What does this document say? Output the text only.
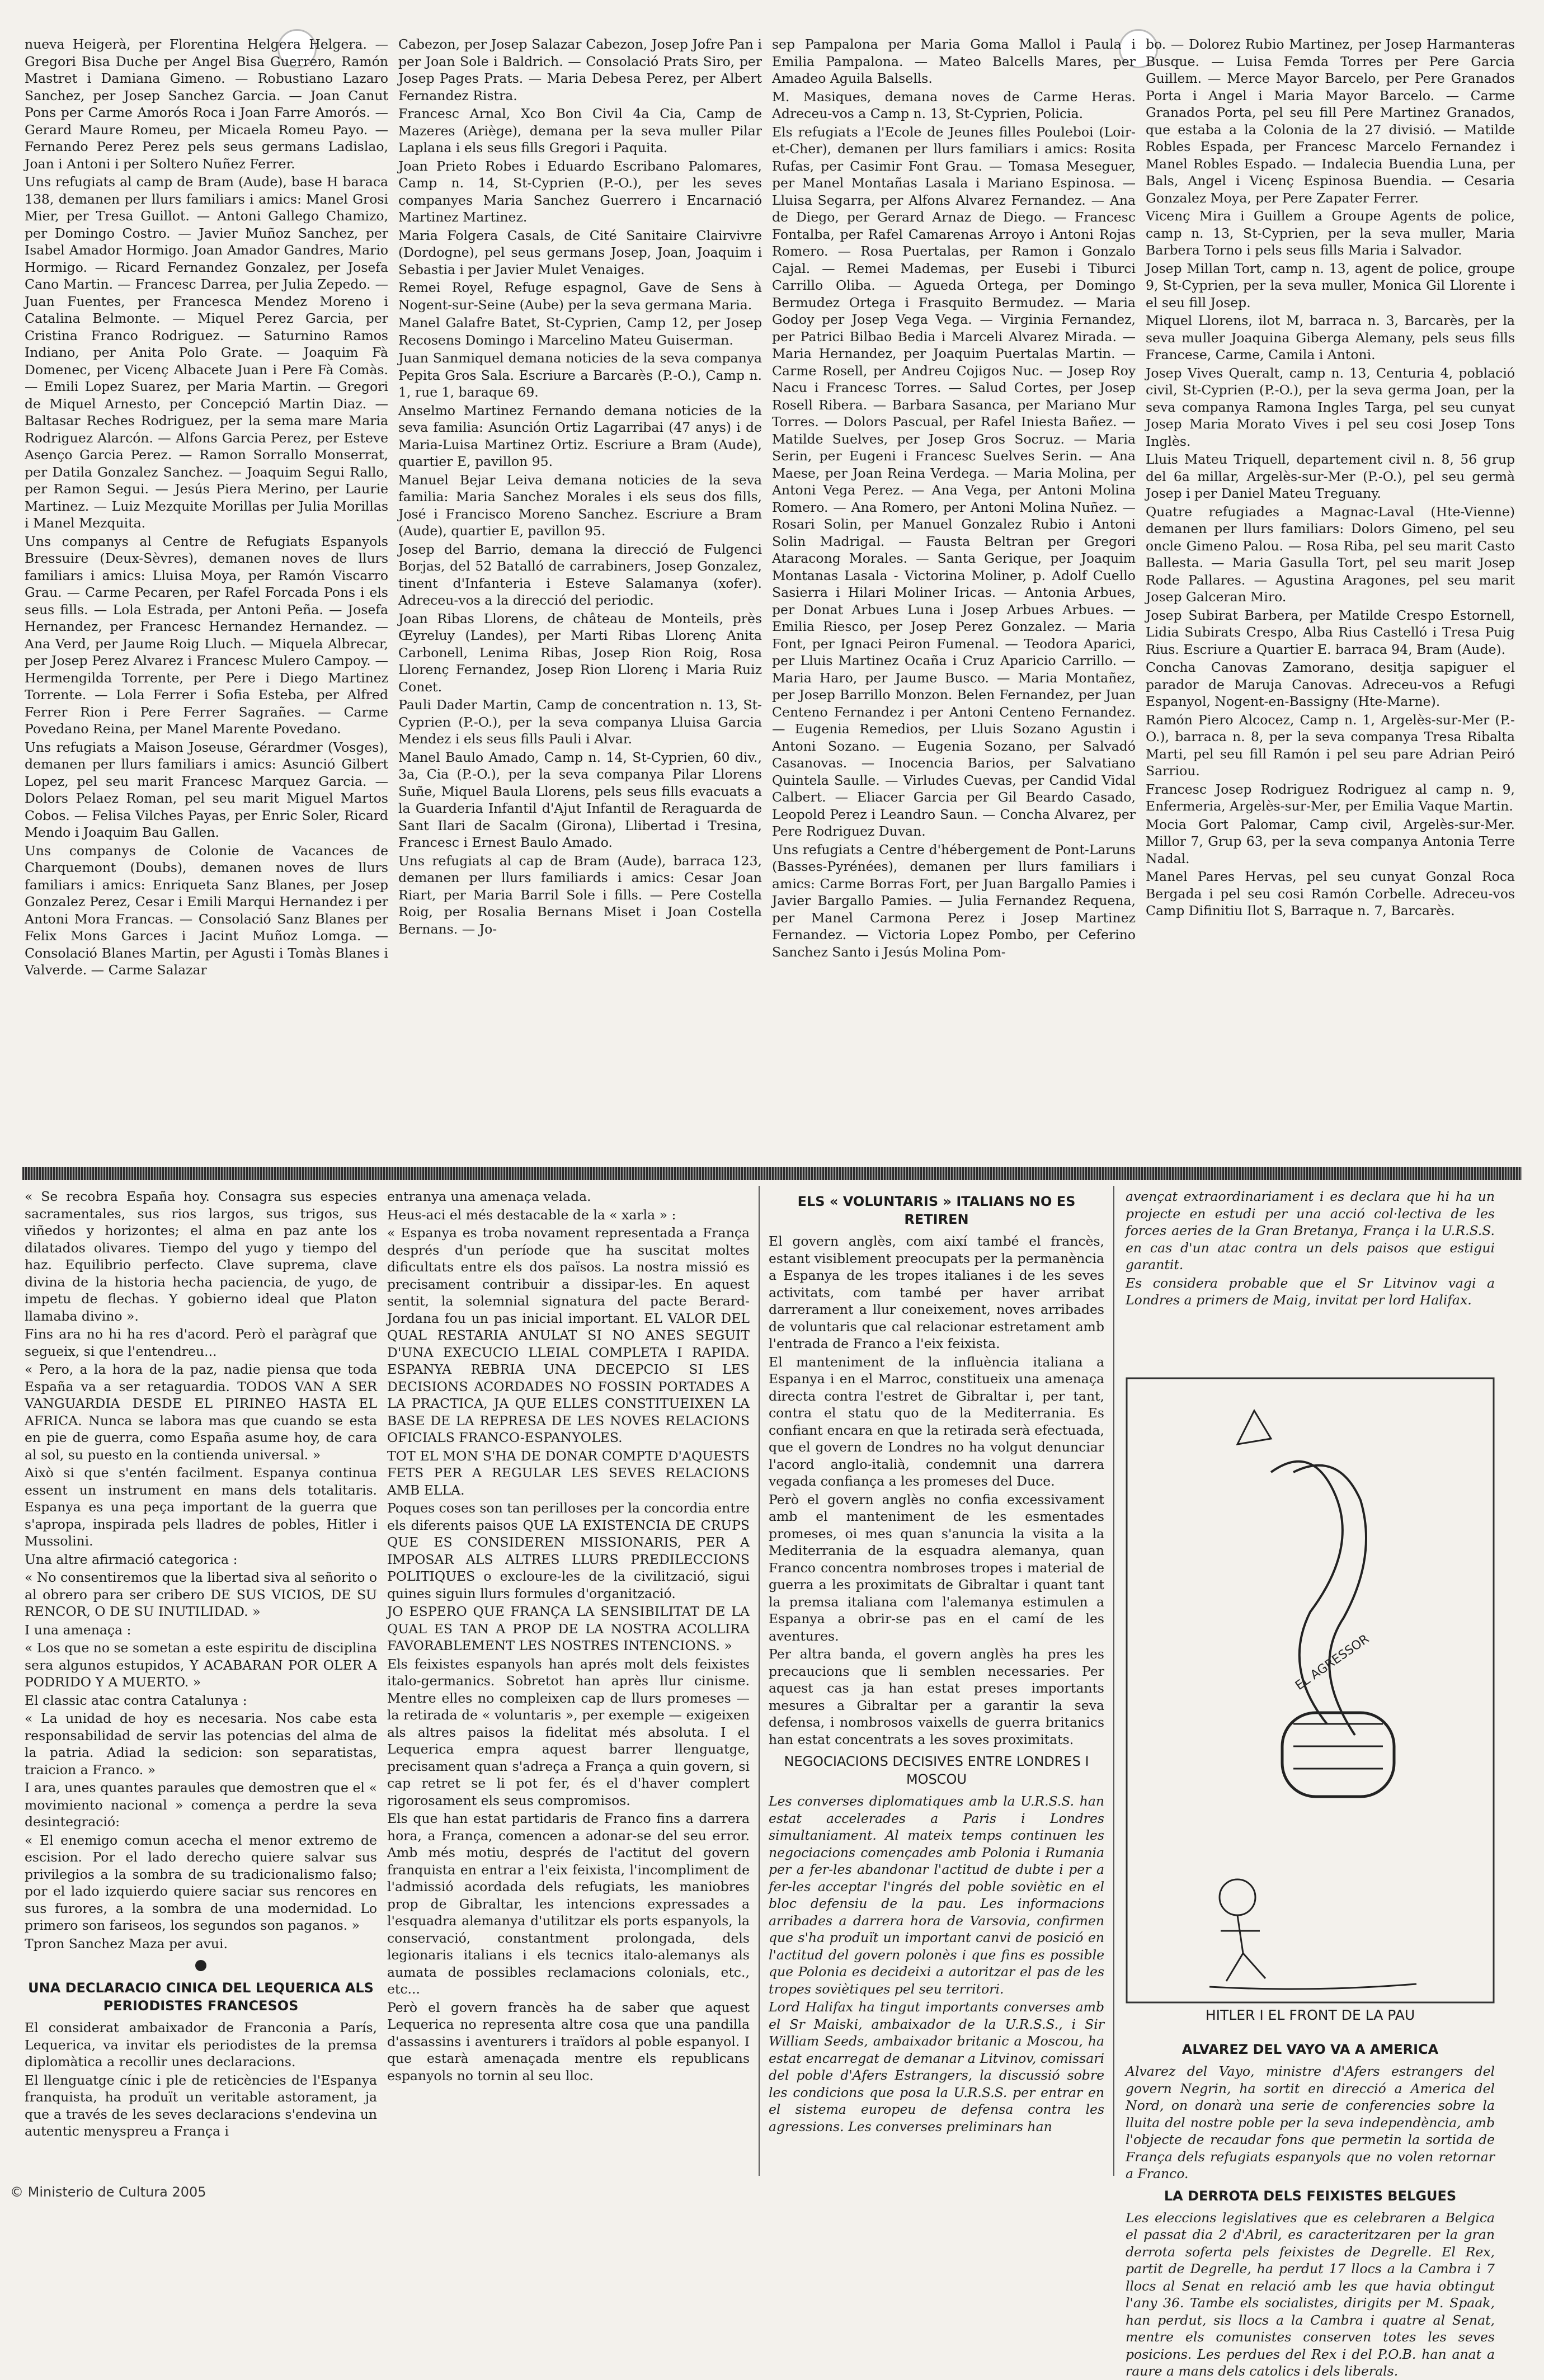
nueva Heigerà, per Florentina Helgera Helgera. — Gregori Bisa Duche per Angel Bisa Guerrero, Ramón Mastret i Damiana Gimeno. — Robustiano Lazaro Sanchez, per Josep Sanchez Garcia. — Joan Canut Pons per Carme Amorós Roca i Joan Farre Amorós. — Gerard Maure Romeu, per Micaela Romeu Payo. — Fernando Perez Perez pels seus germans Ladislao, Joan i Antoni i per Soltero Nuñez Ferrer.

Uns refugiats al camp de Bram (Aude), base H baraca 138, demanen per llurs familiars i amics: Manel Grosi Mier, per Tresa Guillot. — Antoni Gallego Chamizo, per Domingo Costro. — Javier Muñoz Sanchez, per Isabel Amador Hormigo. Joan Amador Gandres, Mario Hormigo. — Ricard Fernandez Gonzalez, per Josefa Cano Martin. — Francesc Darrea, per Julia Zepedo. — Juan Fuentes, per Francesca Mendez Moreno i Catalina Belmonte. — Miquel Perez Garcia, per Cristina Franco Rodriguez. — Saturnino Ramos Indiano, per Anita Polo Grate. — Joaquim Fà Domenec, per Vicenç Albacete Juan i Pere Fà Comàs. — Emili Lopez Suarez, per Maria Martin. — Gregori de Miquel Arnesto, per Concepció Martin Diaz. — Baltasar Reches Rodriguez, per la sema mare Maria Rodriguez Alarcón. — Alfons Garcia Perez, per Esteve Asenço Garcia Perez. — Ramon Sorrallo Monserrat, per Datila Gonzalez Sanchez. — Joaquim Segui Rallo, per Ramon Segui. — Jesús Piera Merino, per Laurie Martinez. — Luiz Mezquite Morillas per Julia Morillas i Manel Mezquita.

Uns companys al Centre de Refugiats Espanyols Bressuire (Deux-Sèvres), demanen noves de llurs familiars i amics: Lluisa Moya, per Ramón Viscarro Grau. — Carme Pecaren, per Rafel Forcada Pons i els seus fills. — Lola Estrada, per Antoni Peña. — Josefa Hernandez, per Francesc Hernandez Hernandez. — Ana Verd, per Jaume Roig Lluch. — Miquela Albrecar, per Josep Perez Alvarez i Francesc Mulero Campoy. — Hermengilda Torrente, per Pere i Diego Martinez Torrente. — Lola Ferrer i Sofia Esteba, per Alfred Ferrer Rion i Pere Ferrer Sagrañes. — Carme Povedano Reina, per Manel Marente Povedano.

Uns refugiats a Maison Joseuse, Gérardmer (Vosges), demanen per llurs familiars i amics: Asunció Gilbert Lopez, pel seu marit Francesc Marquez Garcia. — Dolors Pelaez Roman, pel seu marit Miguel Martos Cobos. — Felisa Vilches Payas, per Enric Soler, Ricard Mendo i Joaquim Bau Gallen.

Uns companys de Colonie de Vacances de Charquemont (Doubs), demanen noves de llurs familiars i amics: Enriqueta Sanz Blanes, per Josep Gonzalez Perez, Cesar i Emili Marqui Hernandez i per Antoni Mora Francas. — Consolació Sanz Blanes per Felix Mons Garces i Jacint Muñoz Lomga. — Consolació Blanes Martin, per Agusti i Tomàs Blanes i Valverde. — Carme Salazar

Cabezon, per Josep Salazar Cabezon, Josep Jofre Pan i per Joan Sole i Baldrich. — Consolació Prats Siro, per Josep Pages Prats. — Maria Debesa Perez, per Albert Fernandez Ristra.

Francesc Arnal, Xco Bon Civil 4a Cia, Camp de Mazeres (Ariège), demana per la seva muller Pilar Laplana i els seus fills Gregori i Paquita.

Joan Prieto Robes i Eduardo Escribano Palomares, Camp n. 14, St-Cyprien (P.-O.), per les seves companyes Maria Sanchez Guerrero i Encarnació Martinez Martinez.

Maria Folgera Casals, de Cité Sanitaire Clairvivre (Dordogne), pel seus germans Josep, Joan, Joaquim i Sebastia i per Javier Mulet Venaiges.

Remei Royel, Refuge espagnol, Gave de Sens à Nogent-sur-Seine (Aube) per la seva germana Maria.

Manel Galafre Batet, St-Cyprien, Camp 12, per Josep Recosens Domingo i Marcelino Mateu Guiserman.

Juan Sanmiquel demana noticies de la seva companya Pepita Gros Sala. Escriure a Barcarès (P.-O.), Camp n. 1, rue 1, baraque 69.

Anselmo Martinez Fernando demana noticies de la seva familia: Asunción Ortiz Lagarribai (47 anys) i de Maria-Luisa Martinez Ortiz. Escriure a Bram (Aude), quartier E, pavillon 95.

Manuel Bejar Leiva demana noticies de la seva familia: Maria Sanchez Morales i els seus dos fills, José i Francisco Moreno Sanchez. Escriure a Bram (Aude), quartier E, pavillon 95.

Josep del Barrio, demana la direcció de Fulgenci Borjas, del 52 Batalló de carrabiners, Josep Gonzalez, tinent d'Infanteria i Esteve Salamanya (xofer). Adreceu-vos a la direcció del periodic.

Joan Ribas Llorens, de château de Monteils, près Œyreluy (Landes), per Marti Ribas Llorenç Anita Carbonell, Lenima Ribas, Josep Rion Roig, Rosa Llorenç Fernandez, Josep Rion Llorenç i Maria Ruiz Conet.

Pauli Dader Martin, Camp de concentration n. 13, St-Cyprien (P.-O.), per la seva companya Lluisa Garcia Mendez i els seus fills Pauli i Alvar.

Manel Baulo Amado, Camp n. 14, St-Cyprien, 60 div., 3a, Cia (P.-O.), per la seva companya Pilar Llorens Suñe, Miquel Baula Llorens, pels seus fills evacuats a la Guarderia Infantil d'Ajut Infantil de Reraguarda de Sant Ilari de Sacalm (Girona), Llibertad i Tresina, Francesc i Ernest Baulo Amado.

Uns refugiats al cap de Bram (Aude), barraca 123, demanen per llurs familiards i amics: Cesar Joan Riart, per Maria Barril Sole i fills. — Pere Costella Roig, per Rosalia Bernans Miset i Joan Costella Bernans. — Jo-

sep Pampalona per Maria Goma Mallol i Paula i Emilia Pampalona. — Mateo Balcells Mares, per Amadeo Aguila Balsells.

M. Masiques, demana noves de Carme Heras. Adreceu-vos a Camp n. 13, St-Cyprien, Policia.

Els refugiats a l'Ecole de Jeunes filles Pouleboi (Loir-et-Cher), demanen per llurs familiars i amics: Rosita Rufas, per Casimir Font Grau. — Tomasa Meseguer, per Manel Montañas Lasala i Mariano Espinosa. — Lluisa Segarra, per Alfons Alvarez Fernandez. — Ana de Diego, per Gerard Arnaz de Diego. — Francesc Fontalba, per Rafel Camarenas Arroyo i Antoni Rojas Romero. — Rosa Puertalas, per Ramon i Gonzalo Cajal. — Remei Mademas, per Eusebi i Tiburci Carrillo Oliba. — Agueda Ortega, per Domingo Bermudez Ortega i Frasquito Bermudez. — Maria Godoy per Josep Vega Vega. — Virginia Fernandez, per Patrici Bilbao Bedia i Marceli Alvarez Mirada. — Maria Hernandez, per Joaquim Puertalas Martin. — Carme Rosell, per Andreu Cojigos Nuc. — Josep Roy Nacu i Francesc Torres. — Salud Cortes, per Josep Rosell Ribera. — Barbara Sasanca, per Mariano Mur Torres. — Dolors Pascual, per Rafel Iniesta Bañez. — Matilde Suelves, per Josep Gros Socruz. — Maria Serin, per Eugeni i Francesc Suelves Serin. — Ana Maese, per Joan Reina Verdega. — Maria Molina, per Antoni Vega Perez. — Ana Vega, per Antoni Molina Romero. — Ana Romero, per Antoni Molina Nuñez. — Rosari Solin, per Manuel Gonzalez Rubio i Antoni Solin Madrigal. — Fausta Beltran per Gregori Ataracong Morales. — Santa Gerique, per Joaquim Montanas Lasala - Victorina Moliner, p. Adolf Cuello Sasierra i Hilari Moliner Iricas. — Antonia Arbues, per Donat Arbues Luna i Josep Arbues Arbues. — Emilia Riesco, per Josep Perez Gonzalez. — Maria Font, per Ignaci Peiron Fumenal. — Teodora Aparici, per Lluis Martinez Ocaña i Cruz Aparicio Carrillo. — Maria Haro, per Jaume Busco. — Maria Montañez, per Josep Barrillo Monzon. Belen Fernandez, per Juan Centeno Fernandez i per Antoni Centeno Fernandez. — Eugenia Remedios, per Lluis Sozano Agustin i Antoni Sozano. — Eugenia Sozano, per Salvadó Casanovas. — Inocencia Barios, per Salvatiano Quintela Saulle. — Virludes Cuevas, per Candid Vidal Calbert. — Eliacer Garcia per Gil Beardo Casado, Leopold Perez i Leandro Saun. — Concha Alvarez, per Pere Rodriguez Duvan.

Uns refugiats a Centre d'hébergement de Pont-Laruns (Basses-Pyrénées), demanen per llurs familiars i amics: Carme Borras Fort, per Juan Bargallo Pamies i Javier Bargallo Pamies. — Julia Fernandez Requena, per Manel Carmona Perez i Josep Martinez Fernandez. — Victoria Lopez Pombo, per Ceferino Sanchez Santo i Jesús Molina Pom-

bo. — Dolorez Rubio Martinez, per Josep Harmanteras Busque. — Luisa Femda Torres per Pere Garcia Guillem. — Merce Mayor Barcelo, per Pere Granados Porta i Angel i Maria Mayor Barcelo. — Carme Granados Porta, pel seu fill Pere Martinez Granados, que estaba a la Colonia de la 27 divisió. — Matilde Robles Espada, per Francesc Marcelo Fernandez i Manel Robles Espado. — Indalecia Buendia Luna, per Bals, Angel i Vicenç Espinosa Buendia. — Cesaria Gonzalez Moya, per Pere Zapater Ferrer.

Vicenç Mira i Guillem a Groupe Agents de police, camp n. 13, St-Cyprien, per la seva muller, Maria Barbera Torno i pels seus fills Maria i Salvador.

Josep Millan Tort, camp n. 13, agent de police, groupe 9, St-Cyprien, per la seva muller, Monica Gil Llorente i el seu fill Josep.

Miquel Llorens, ilot M, barraca n. 3, Barcarès, per la seva muller Joaquina Giberga Alemany, pels seus fills Francese, Carme, Camila i Antoni.

Josep Vives Queralt, camp n. 13, Centuria 4, població civil, St-Cyprien (P.-O.), per la seva germa Joan, per la seva companya Ramona Ingles Targa, pel seu cunyat Josep Maria Morato Vives i pel seu cosi Josep Tons Inglès.

Lluis Mateu Triquell, departement civil n. 8, 56 grup del 6a millar, Argelès-sur-Mer (P.-O.), pel seu germà Josep i per Daniel Mateu Treguany.

Quatre refugiades a Magnac-Laval (Hte-Vienne) demanen per llurs familiars: Dolors Gimeno, pel seu oncle Gimeno Palou. — Rosa Riba, pel seu marit Casto Ballesta. — Maria Gasulla Tort, pel seu marit Josep Rode Pallares. — Agustina Aragones, pel seu marit Josep Galceran Miro.

Josep Subirat Barbera, per Matilde Crespo Estornell, Lidia Subirats Crespo, Alba Rius Castelló i Tresa Puig Rius. Escriure a Quartier E. barraca 94, Bram (Aude).

Concha Canovas Zamorano, desitja sapiguer el parador de Maruja Canovas. Adreceu-vos a Refugi Espanyol, Nogent-en-Bassigny (Hte-Marne).

Ramón Piero Alcocez, Camp n. 1, Argelès-sur-Mer (P.-O.), barraca n. 8, per la seva companya Tresa Ribalta Marti, pel seu fill Ramón i pel seu pare Adrian Peiró Sarriou.

Francesc Josep Rodriguez Rodriguez al camp n. 9, Enfermeria, Argelès-sur-Mer, per Emilia Vaque Martin.

Mocia Gort Palomar, Camp civil, Argelès-sur-Mer. Millor 7, Grup 63, per la seva companya Antonia Terre Nadal.

Manel Pares Hervas, pel seu cunyat Gonzal Roca Bergada i pel seu cosi Ramón Corbelle. Adreceu-vos Camp Difinitiu Ilot S, Barraque n. 7, Barcarès.

« Se recobra España hoy. Consagra sus especies sacramentales, sus rios largos, sus trigos, sus viñedos y horizontes; el alma en paz ante los dilatados olivares. Tiempo del yugo y tiempo del haz. Equilibrio perfecto. Clave suprema, clave divina de la historia hecha paciencia, de yugo, de impetu de flechas. Y gobierno ideal que Platon llamaba divino ».

Fins ara no hi ha res d'acord. Però el paràgraf que segueix, si que l'entendreu...

« Pero, a la hora de la paz, nadie piensa que toda España va a ser retaguardia. TODOS VAN A SER VANGUARDIA DESDE EL PIRINEO HASTA EL AFRICA. Nunca se labora mas que cuando se esta en pie de guerra, como España asume hoy, de cara al sol, su puesto en la contienda universal. »

Això si que s'entén facilment. Espanya continua essent un instrument en mans dels totalitaris. Espanya es una peça important de la guerra que s'apropa, inspirada pels lladres de pobles, Hitler i Mussolini.

Una altre afirmació categorica :

« No consentiremos que la libertad siva al señorito o al obrero para ser cribero DE SUS VICIOS, DE SU RENCOR, O DE SU INUTILIDAD. »

I una amenaça :

« Los que no se sometan a este espiritu de disciplina sera algunos estupidos, Y ACABARAN POR OLER A PODRIDO Y A MUERTO. »

El classic atac contra Catalunya :

« La unidad de hoy es necesaria. Nos cabe esta responsabilidad de servir las potencias del alma de la patria. Adiad la sedicion: son separatistas, traicion a Franco. »

I ara, unes quantes paraules que demostren que el « movimiento nacional » comença a perdre la seva desintegració:

« El enemigo comun acecha el menor extremo de escision. Por el lado derecho quiere salvar sus privilegios a la sombra de su tradicionalismo falso; por el lado izquierdo quiere saciar sus rencores en sus furores, a la sombra de una modernidad. Lo primero son fariseos, los segundos son paganos. »

Tpron Sanchez Maza per avui.

UNA DECLARACIO CINICA DEL LEQUERICA ALS PERIODISTES FRANCESOS

El considerat ambaixador de Franconia a París, Lequerica, va invitar els periodistes de la premsa diplomàtica a recollir unes declaracions.

El llenguatge cínic i ple de reticències de l'Espanya franquista, ha produït un veritable astorament, ja que a través de les seves declaracions s'endevina un autentic menyspreu a França i

entranya una amenaça velada.

Heus-aci el més destacable de la « xarla » :

« Espanya es troba novament representada a França després d'un període que ha suscitat moltes dificultats entre els dos països. La nostra missió es precisament contribuir a dissipar-les. En aquest sentit, la solemnial signatura del pacte Berard-Jordana fou un pas inicial important. EL VALOR DEL QUAL RESTARIA ANULAT SI NO ANES SEGUIT D'UNA EXECUCIO LLEIAL COMPLETA I RAPIDA. ESPANYA REBRIA UNA DECEPCIO SI LES DECISIONS ACORDADES NO FOSSIN PORTADES A LA PRACTICA, JA QUE ELLES CONSTITUEIXEN LA BASE DE LA REPRESA DE LES NOVES RELACIONS OFICIALS FRANCO-ESPANYOLES.

TOT EL MON S'HA DE DONAR COMPTE D'AQUESTS FETS PER A REGULAR LES SEVES RELACIONS AMB ELLA.

Poques coses son tan perilloses per la concordia entre els diferents paisos QUE LA EXISTENCIA DE CRUPS QUE ES CONSIDEREN MISSIONARIS, PER A IMPOSAR ALS ALTRES LLURS PREDILECCIONS POLITIQUES o excloure-les de la civilització, sigui quines siguin llurs formules d'organització.

JO ESPERO QUE FRANÇA LA SENSIBILITAT DE LA QUAL ES TAN A PROP DE LA NOSTRA ACOLLIRA FAVORABLEMENT LES NOSTRES INTENCIONS. »

Els feixistes espanyols han aprés molt dels feixistes italo-germanics. Sobretot han après llur cinisme. Mentre elles no compleixen cap de llurs promeses — la retirada de « voluntaris », per exemple — exigeixen als altres paisos la fidelitat més absoluta. I el Lequerica empra aquest barrer llenguatge, precisament quan s'adreça a França a quin govern, si cap retret se li pot fer, és el d'haver complert rigorosament els seus compromisos.

Els que han estat partidaris de Franco fins a darrera hora, a França, comencen a adonar-se del seu error. Amb més motiu, després de l'actitut del govern franquista en entrar a l'eix feixista, l'incompliment de l'admissió acordada dels refugiats, les maniobres prop de Gibraltar, les intencions expressades a l'esquadra alemanya d'utilitzar els ports espanyols, la conservació, constantment prolongada, dels legionaris italians i els tecnics italo-alemanys als aumata de possibles reclamacions colonials, etc., etc...

Però el govern francès ha de saber que aquest Lequerica no representa altre cosa que una pandilla d'assassins i aventurers i traïdors al poble espanyol. I que estarà amenaçada mentre els republicans espanyols no tornin al seu lloc.

ELS « VOLUNTARIS » ITALIANS NO ES RETIREN

El govern anglès, com així també el francès, estant visiblement preocupats per la permanència a Espanya de les tropes italianes i de les seves activitats, com també per haver arribat darrerament a llur coneixement, noves arribades de voluntaris que cal relacionar estretament amb l'entrada de Franco a l'eix feixista.

El manteniment de la influència italiana a Espanya i en el Marroc, constitueix una amenaça directa contra l'estret de Gibraltar i, per tant, contra el statu quo de la Mediterrania. Es confiant encara en que la retirada serà efectuada, que el govern de Londres no ha volgut denunciar l'acord anglo-italià, condemnit una darrera vegada confiança a les promeses del Duce.

Però el govern anglès no confia excessivament amb el manteniment de les esmentades promeses, oi mes quan s'anuncia la visita a la Mediterrania de la esquadra alemanya, quan Franco concentra nombroses tropes i material de guerra a les proximitats de Gibraltar i quant tant la premsa italiana com l'alemanya estimulen a Espanya a obrir-se pas en el camí de les aventures.

Per altra banda, el govern anglès ha pres les precaucions que li semblen necessaries. Per aquest cas ja han estat preses importants mesures a Gibraltar per a garantir la seva defensa, i nombrosos vaixells de guerra britanics han estat concentrats a les soves proximitats.

NEGOCIACIONS DECISIVES ENTRE LONDRES I MOSCOU

Les converses diplomatiques amb la U.R.S.S. han estat accelerades a Paris i Londres simultaniament. Al mateix temps continuen les negociacions començades amb Polonia i Rumania per a fer-les abandonar l'actitud de dubte i per a fer-les acceptar l'ingrés del poble soviètic en el bloc defensiu de la pau. Les informacions arribades a darrera hora de Varsovia, confirmen que s'ha produït un important canvi de posició en l'actitud del govern polonès i que fins es possible que Polonia es decideixi a autoritzar el pas de les tropes soviètiques pel seu territori.

Lord Halifax ha tingut importants converses amb el Sr Maiski, ambaixador de la U.R.S.S., i Sir William Seeds, ambaixador britanic a Moscou, ha estat encarregat de demanar a Litvinov, comissari del poble d'Afers Estrangers, la discussió sobre les condicions que posa la U.R.S.S. per entrar en el sistema europeu de defensa contra les agressions. Les converses preliminars han

avençat extraordinariament i es declara que hi ha un projecte en estudi per una acció col·lectiva de les forces aeries de la Gran Bretanya, França i la U.R.S.S. en cas d'un atac contra un dels paisos que estigui garantit.

Es considera probable que el Sr Litvinov vagi a Londres a primers de Maig, invitat per lord Halifax.

EL AGRESSOR
HITLER I EL FRONT DE LA PAU
ALVAREZ DEL VAYO VA A AMERICA

Alvarez del Vayo, ministre d'Afers estrangers del govern Negrin, ha sortit en direcció a America del Nord, on donarà una serie de conferencies sobre la lluita del nostre poble per la seva independència, amb l'objecte de recaudar fons que permetin la sortida de França dels refugiats espanyols que no volen retornar a Franco.

LA DERROTA DELS FEIXISTES BELGUES

Les eleccions legislatives que es celebraren a Belgica el passat dia 2 d'Abril, es caracteritzaren per la gran derrota soferta pels feixistes de Degrelle. El Rex, partit de Degrelle, ha perdut 17 llocs a la Cambra i 7 llocs al Senat en relació amb les que havia obtingut l'any 36. Tambe els socialistes, dirigits per M. Spaak, han perdut, sis llocs a la Cambra i quatre al Senat, mentre els comunistes conserven totes les seves posicions. Les perdues del Rex i del P.O.B. han anat a raure a mans dels catolics i dels liberals.

© Ministerio de Cultura 2005
